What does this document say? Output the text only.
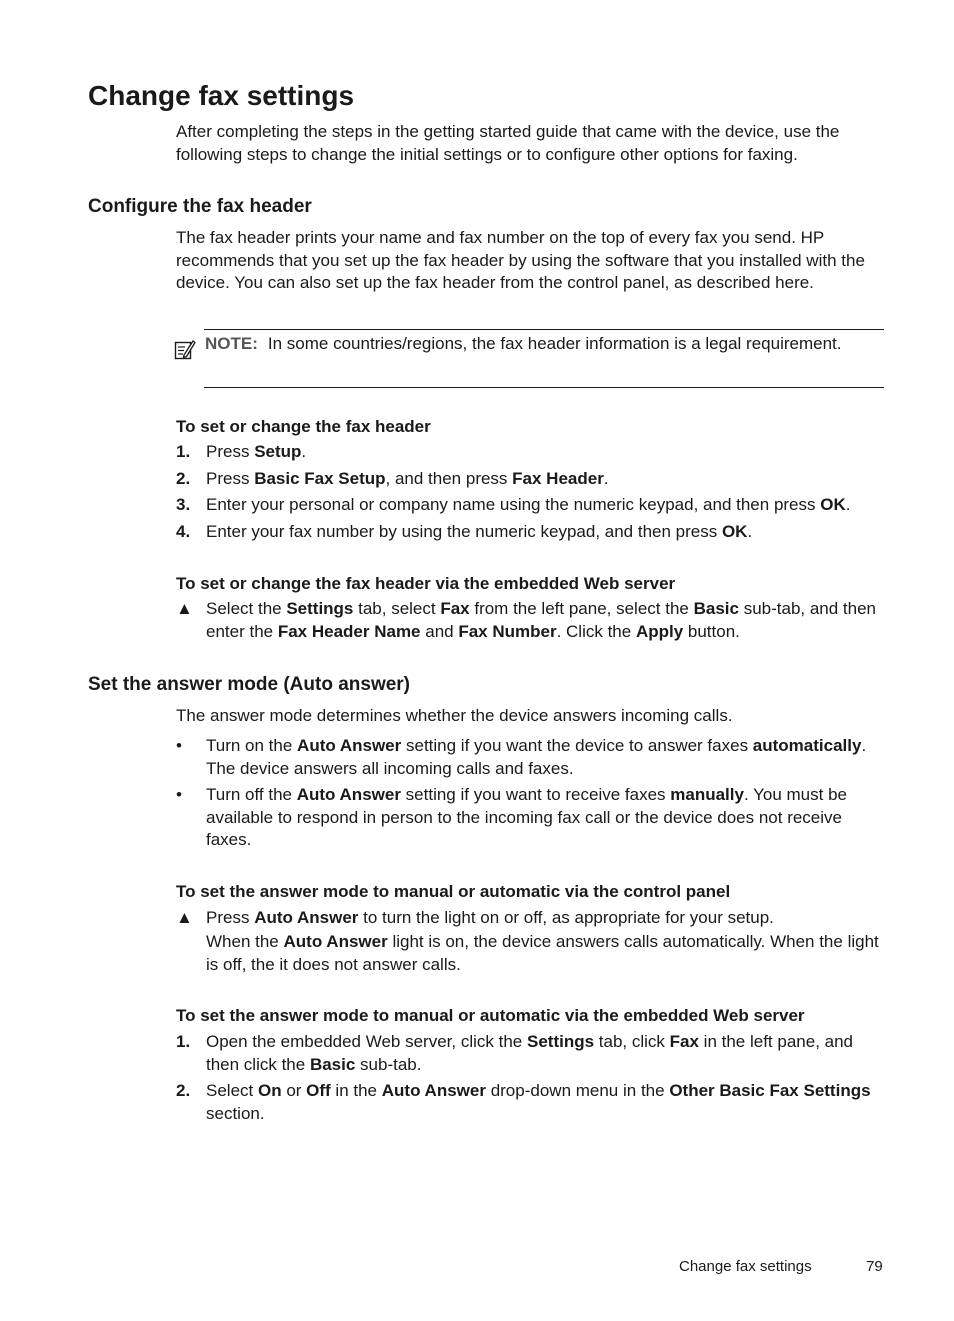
Change fax settings

After completing the steps in the getting started guide that came with the device, use the following steps to change the initial settings or to configure other options for faxing.

Configure the fax header

The fax header prints your name and fax number on the top of every fax you send. HP recommends that you set up the fax header by using the software that you installed with the device. You can also set up the fax header from the control panel, as described here.

NOTE: In some countries/regions, the fax header information is a legal requirement.

To set or change the fax header

1. Press Setup.
2. Press Basic Fax Setup, and then press Fax Header.
3. Enter your personal or company name using the numeric keypad, and then press OK.
4. Enter your fax number by using the numeric keypad, and then press OK.

To set or change the fax header via the embedded Web server

▲ Select the Settings tab, select Fax from the left pane, select the Basic sub-tab, and then enter the Fax Header Name and Fax Number. Click the Apply button.
Set the answer mode (Auto answer)

The answer mode determines whether the device answers incoming calls.

•	Turn on the Auto Answer setting if you want the device to answer faxes automatically. The device answers all incoming calls and faxes.
•	Turn off the Auto Answer setting if you want to receive faxes manually. You must be available to respond in person to the incoming fax call or the device does not receive faxes.

To set the answer mode to manual or automatic via the control panel

▲ Press Auto Answer to turn the light on or off, as appropriate for your setup.
When the Auto Answer light is on, the device answers calls automatically. When the light is off, the it does not answer calls.

To set the answer mode to manual or automatic via the embedded Web server

1. Open the embedded Web server, click the Settings tab, click Fax in the left pane, and then click the Basic sub-tab.
2. Select On or Off in the Auto Answer drop-down menu in the Other Basic Fax Settings section.
Change fax settings	79
